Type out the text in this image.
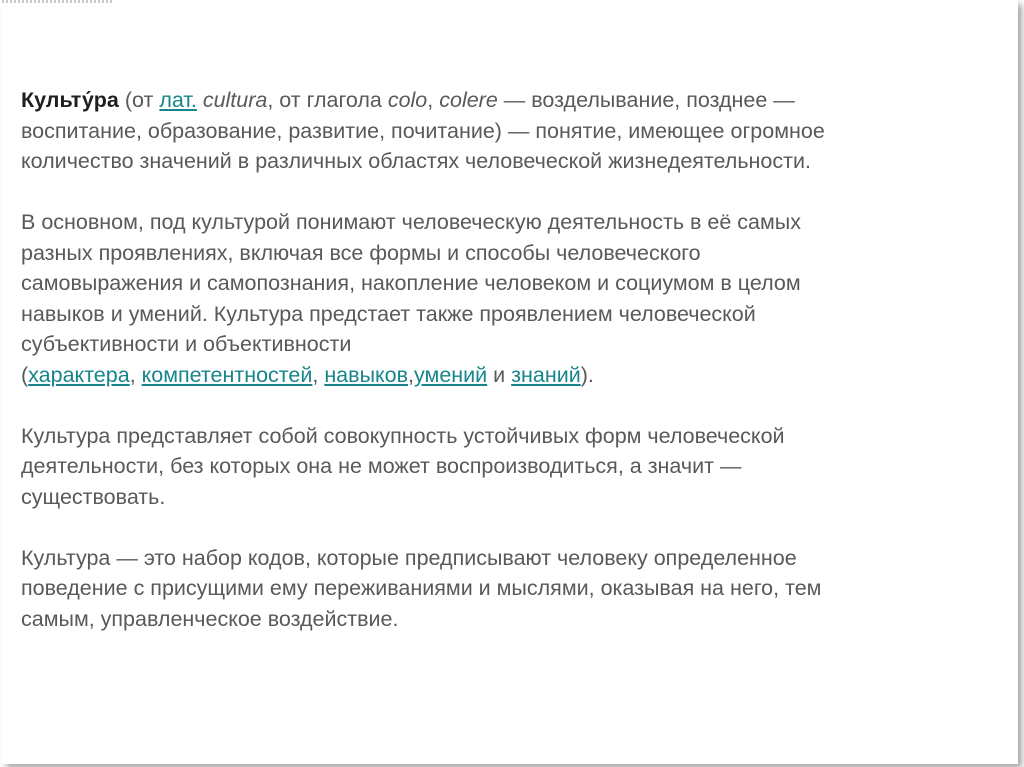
Культу́ра (от лат. cultura, от глагола colo, colere — возделывание, позднее —
воспитание, образование, развитие, почитание) — понятие, имеющее огромное
количество значений в различных областях человеческой жизнедеятельности.

В основном, под культурой понимают человеческую деятельность в её самых
разных проявлениях, включая все формы и способы человеческого
самовыражения и самопознания, накопление человеком и социумом в целом
навыков и умений. Культура предстает также проявлением человеческой
субъективности и объективности
(характера, компетентностей, навыков,умений и знаний).

Культура представляет собой совокупность устойчивых форм человеческой
деятельности, без которых она не может воспроизводиться, а значит —
существовать.

Культура — это набор кодов, которые предписывают человеку определенное
поведение с присущими ему переживаниями и мыслями, оказывая на него, тем
самым, управленческое воздействие.
